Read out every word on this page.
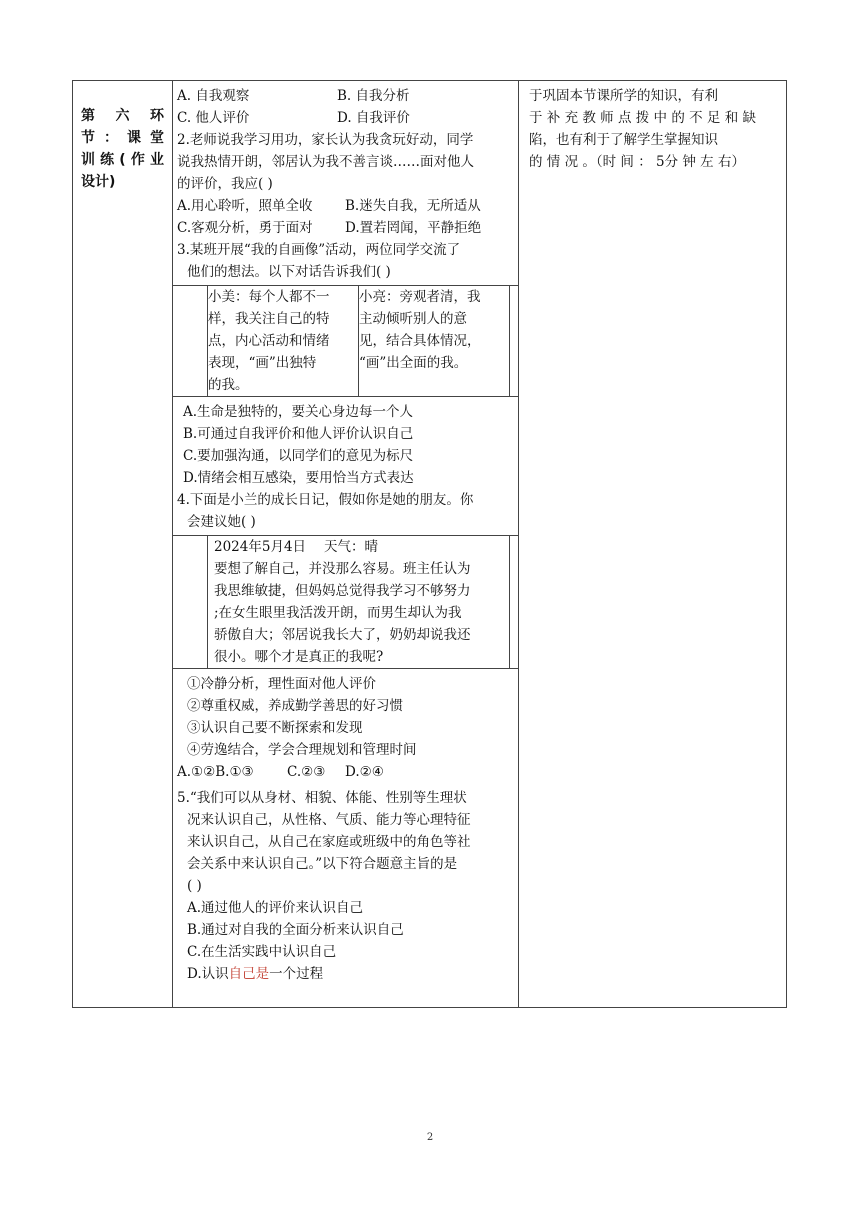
第 六 环
节：课堂
训练(作业
设计)

A. 自我观察	B. 自我分析
C. 他人评价	D. 自我评价
2.老师说我学习用功，家长认为我贪玩好动，同学
说我热情开朗，邻居认为我不善言谈……面对他人
的评价，我应( )
A.用心聆听，照单全收 B.迷失自我，无所适从
C.客观分析，勇于面对 D.置若罔闻，平静拒绝
3.某班开展“我的自画像”活动，两位同学交流了
他们的想法。以下对话告诉我们( )

小美：每个人都不一
样，我关注自己的特
点，内心活动和情绪
表现，“画”出独特
的我。

小亮：旁观者清，我
主动倾听别人的意
见，结合具体情况，
“画”出全面的我。

A.生命是独特的，要关心身边每一个人
B.可通过自我评价和他人评价认识自己
C.要加强沟通，以同学们的意见为标尺
D.情绪会相互感染，要用恰当方式表达
4.下面是小兰的成长日记，假如你是她的朋友。你
会建议她( )

2024年5月4日 天气：晴
要想了解自己，并没那么容易。班主任认为
我思维敏捷，但妈妈总觉得我学习不够努力
;在女生眼里我活泼开朗，而男生却认为我
骄傲自大；邻居说我长大了，奶奶却说我还
很小。哪个才是真正的我呢?

①冷静分析，理性面对他人评价
②尊重权威，养成勤学善思的好习惯
③认识自己要不断探索和发现
④劳逸结合，学会合理规划和管理时间
A.①②B.①③ C.②③ D.②④
5.“我们可以从身材、相貌、体能、性别等生理状
况来认识自己，从性格、气质、能力等心理特征
来认识自己，从自己在家庭或班级中的角色等社
会关系中来认识自己。”以下符合题意主旨的是
( )
A.通过他人的评价来认识自己
B.通过对自我的全面分析来认识自己
C.在生活实践中认识自己
D.认识自己是一个过程

于巩固本节课所学的知识，有利
于 补 充 教 师 点 拨 中 的 不 足 和 缺
陷，也有利于了解学生掌握知识
的 情 况 。（时 间 ： 5分 钟 左 右）
2
